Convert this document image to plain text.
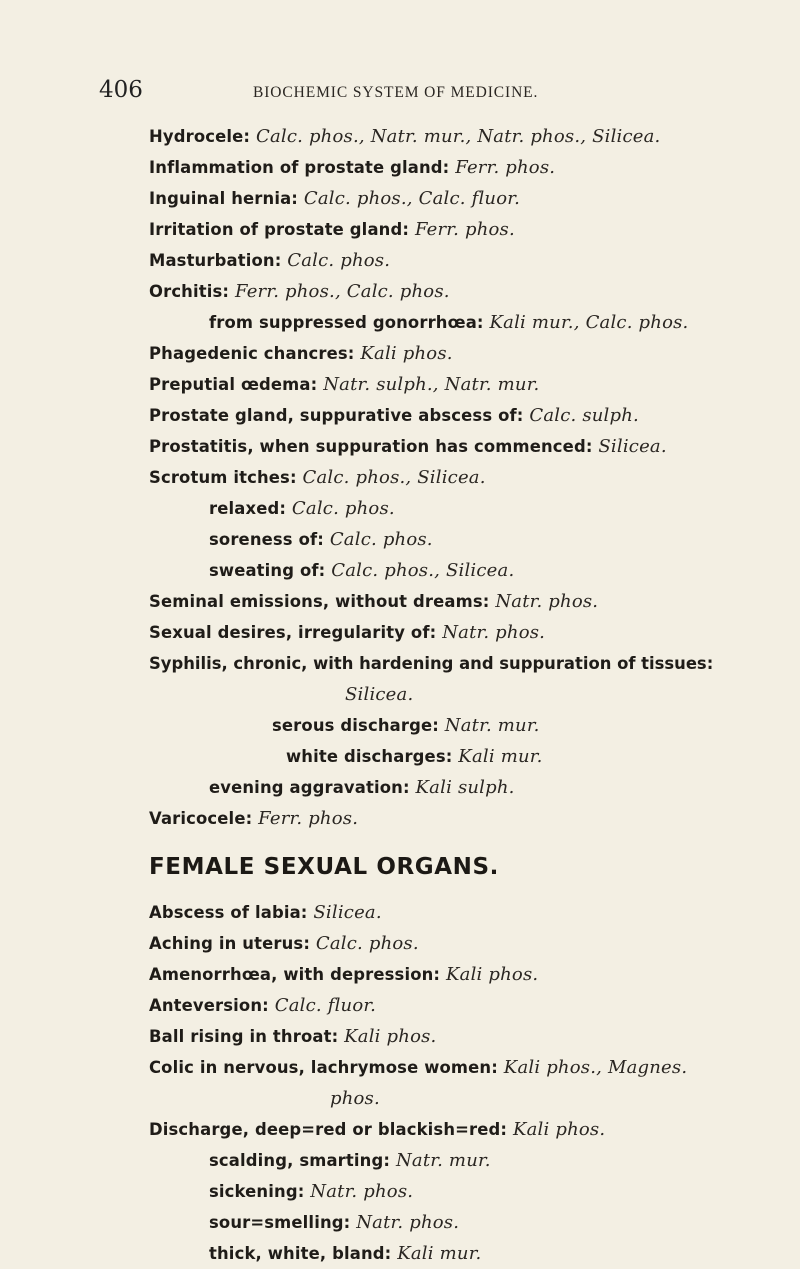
406	BIOCHEMIC SYSTEM OF MEDICINE.
Hydrocele: Calc. phos., Natr. mur., Natr. phos., Silicea.
Inflammation of prostate gland: Ferr. phos.
Inguinal hernia: Calc. phos., Calc. fluor.
Irritation of prostate gland: Ferr. phos.
Masturbation: Calc. phos.
Orchitis: Ferr. phos., Calc. phos.
from suppressed gonorrhœa: Kali mur., Calc. phos.
Phagedenic chancres: Kali phos.
Preputial œdema: Natr. sulph., Natr. mur.
Prostate gland, suppurative abscess of: Calc. sulph.
Prostatitis, when suppuration has commenced: Silicea.
Scrotum itches: Calc. phos., Silicea.
relaxed: Calc. phos.
soreness of: Calc. phos.
sweating of: Calc. phos., Silicea.
Seminal emissions, without dreams: Natr. phos.
Sexual desires, irregularity of: Natr. phos.
Syphilis, chronic, with hardening and suppuration of tissues:
Silicea.
serous discharge: Natr. mur.
white discharges: Kali mur.
evening aggravation: Kali sulph.
Varicocele: Ferr. phos.
FEMALE SEXUAL ORGANS.
Abscess of labia: Silicea.
Aching in uterus: Calc. phos.
Amenorrhœa, with depression: Kali phos.
Anteversion: Calc. fluor.
Ball rising in throat: Kali phos.
Colic in nervous, lachrymose women: Kali phos., Magnes.
phos.
Discharge, deep=red or blackish=red: Kali phos.
scalding, smarting: Natr. mur.
sickening: Natr. phos.
sour=smelling: Natr. phos.
thick, white, bland: Kali mur.
